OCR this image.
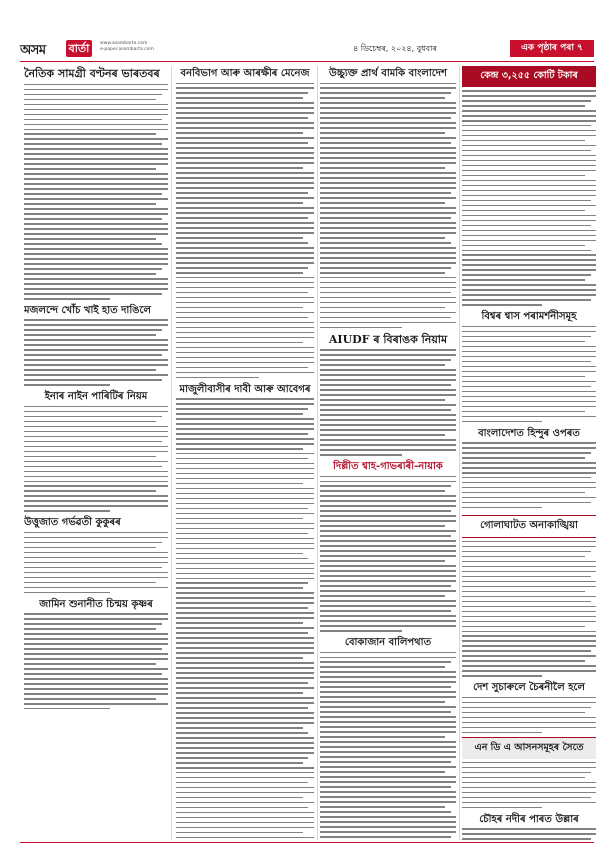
অসম বাৰ্তা	www.asombarta.com
e-paper.asombarta.com	৪ ডিচেম্বৰ, ২০২৪, বুধবাৰ	এক পৃষ্ঠাৰ পৰা ৭
নৈতিক সামগ্ৰী বণ্টনৰ ভাৰতবৰ
মজলন্দে খোঁচ খাই হাত দাঙিলে
ইনাৰ নাইন পাৰিটিৰ নিয়ম
উত্তুজাত গৰ্ভৱতী কুকুৰৰ
জামিন শুনানীত চিন্ময় কৃষ্ণৰ
বনবিভাগ আৰু আৰক্ষীৰ মেনেজ
মাজুলীবাসীৰ দাবী আৰু আবেগৰ
উচ্চ্যুক্ত প্ৰাৰ্থ বামকি বাংলাদেশ
AIUDF ৰ বিৰাঙক নিয়াম
দিল্লীত শ্বাহ-গাভৰাৰী-নায়াক
বোকাজান বালিপথাত
কেন্দ্ৰ ৩,২৫৫ কোটি টকাৰ
বিশ্বৰ শ্বাস পৰামৰ্শনীসমূহ
বাংলাদেশত হিন্দুৰ ওপৰত
গোলাঘাটত অনাকাঙ্খিয়া
দেশ সুচাৰুলে চৈৰনীলৈ হলে
এন ডি এ আসনসমূহৰ সৈতে
চৌহৰ নদীৰ পাৰত উল্লাৰ
